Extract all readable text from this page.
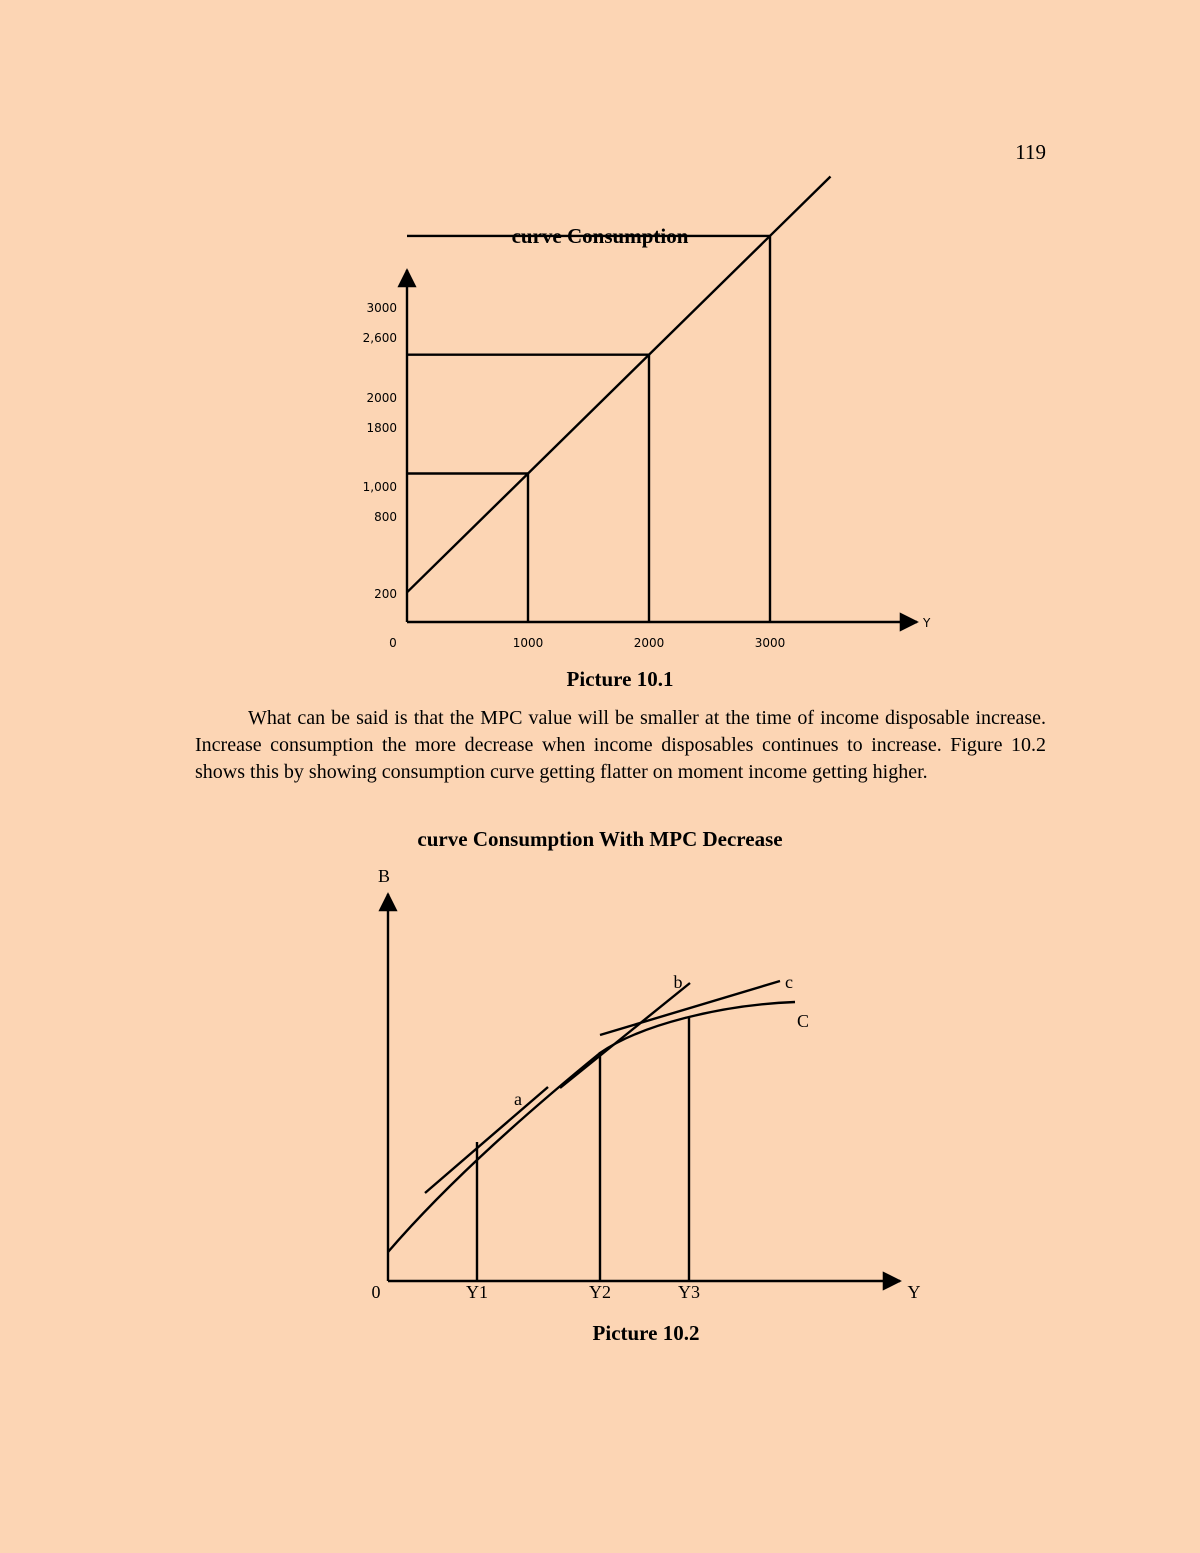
119
curve Consumption
3000
2,600
2000
1800
1,000
800
200
0	1000	2000	3000
Y
Picture 10.1
What can be said is that the MPC value will be smaller at the time of income disposable increase. Increase consumption the more decrease when income disposables continues to increase. Figure 10.2 shows this by showing consumption curve getting flatter on moment income getting higher.
curve Consumption With MPC Decrease
B
Y
0	Y1	Y2	Y3
C
a
b	c
Picture 10.2
